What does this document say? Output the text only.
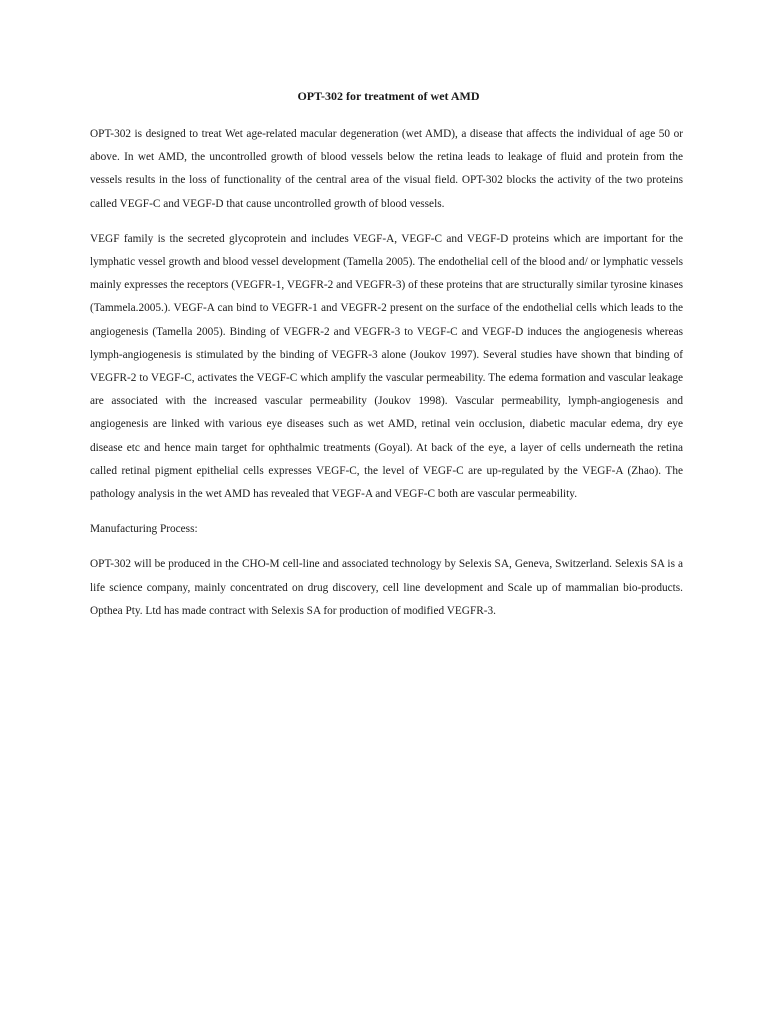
OPT-302 for treatment of wet AMD

OPT-302 is designed to treat Wet age-related macular degeneration (wet AMD), a disease that affects the individual of age 50 or above. In wet AMD, the uncontrolled growth of blood vessels below the retina leads to leakage of fluid and protein from the vessels results in the loss of functionality of the central area of the visual field. OPT-302 blocks the activity of the two proteins called VEGF-C and VEGF-D that cause uncontrolled growth of blood vessels.

VEGF family is the secreted glycoprotein and includes VEGF-A, VEGF-C and VEGF-D proteins which are important for the lymphatic vessel growth and blood vessel development (Tamella 2005). The endothelial cell of the blood and/ or lymphatic vessels mainly expresses the receptors (VEGFR-1, VEGFR-2 and VEGFR-3) of these proteins that are structurally similar tyrosine kinases (Tammela.2005.). VEGF-A can bind to VEGFR-1 and VEGFR-2 present on the surface of the endothelial cells which leads to the angiogenesis (Tamella 2005). Binding of VEGFR-2 and VEGFR-3 to VEGF-C and VEGF-D induces the angiogenesis whereas lymph-angiogenesis is stimulated by the binding of VEGFR-3 alone (Joukov 1997). Several studies have shown that binding of VEGFR-2 to VEGF-C, activates the VEGF-C which amplify the vascular permeability. The edema formation and vascular leakage are associated with the increased vascular permeability (Joukov 1998). Vascular permeability, lymph-angiogenesis and angiogenesis are linked with various eye diseases such as wet AMD, retinal vein occlusion, diabetic macular edema, dry eye disease etc and hence main target for ophthalmic treatments (Goyal). At back of the eye, a layer of cells underneath the retina called retinal pigment epithelial cells expresses VEGF-C, the level of VEGF-C are up-regulated by the VEGF-A (Zhao). The pathology analysis in the wet AMD has revealed that VEGF-A and VEGF-C both are vascular permeability.

Manufacturing Process:

OPT-302 will be produced in the CHO-M cell-line and associated technology by Selexis SA, Geneva, Switzerland. Selexis SA is a life science company, mainly concentrated on drug discovery, cell line development and Scale up of mammalian bio-products. Opthea Pty. Ltd has made contract with Selexis SA for production of modified VEGFR-3.
